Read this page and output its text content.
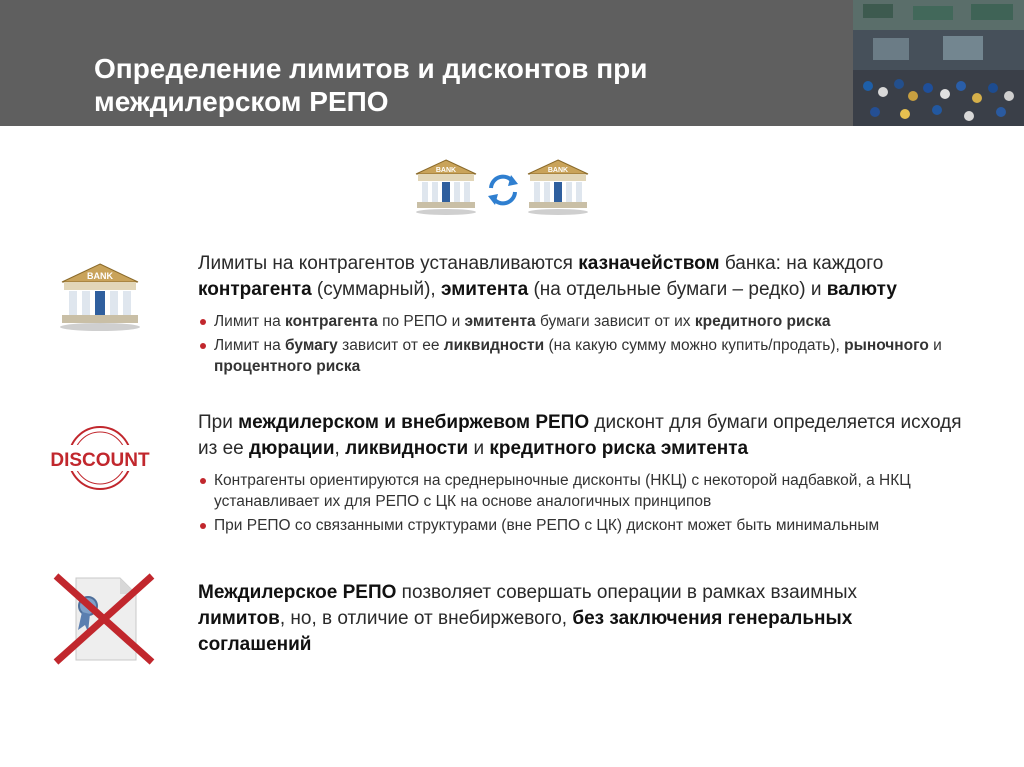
Определение лимитов и дисконтов при
междилерском РЕПО
BANK	BANK
BANK
Лимиты на контрагентов устанавливаются казначейством банка: на каждого контрагента (суммарный), эмитента (на отдельные бумаги – редко) и валюту
Лимит на контрагента по РЕПО и эмитента бумаги зависит от их кредитного риска
Лимит на бумагу зависит от ее ликвидности (на какую сумму можно купить/продать), рыночного и процентного риска
DISCOUNT
При междилерском и внебиржевом РЕПО дисконт для бумаги определяется исходя из ее дюрации, ликвидности и кредитного риска эмитента
Контрагенты ориентируются на среднерыночные дисконты (НКЦ) с некоторой надбавкой, а НКЦ устанавливает их для РЕПО с ЦК на основе аналогичных принципов
При РЕПО со связанными структурами (вне РЕПО с ЦК) дисконт может быть минимальным
Междилерское РЕПО позволяет совершать операции в рамках взаимных лимитов, но, в отличие от внебиржевого, без заключения генеральных соглашений
